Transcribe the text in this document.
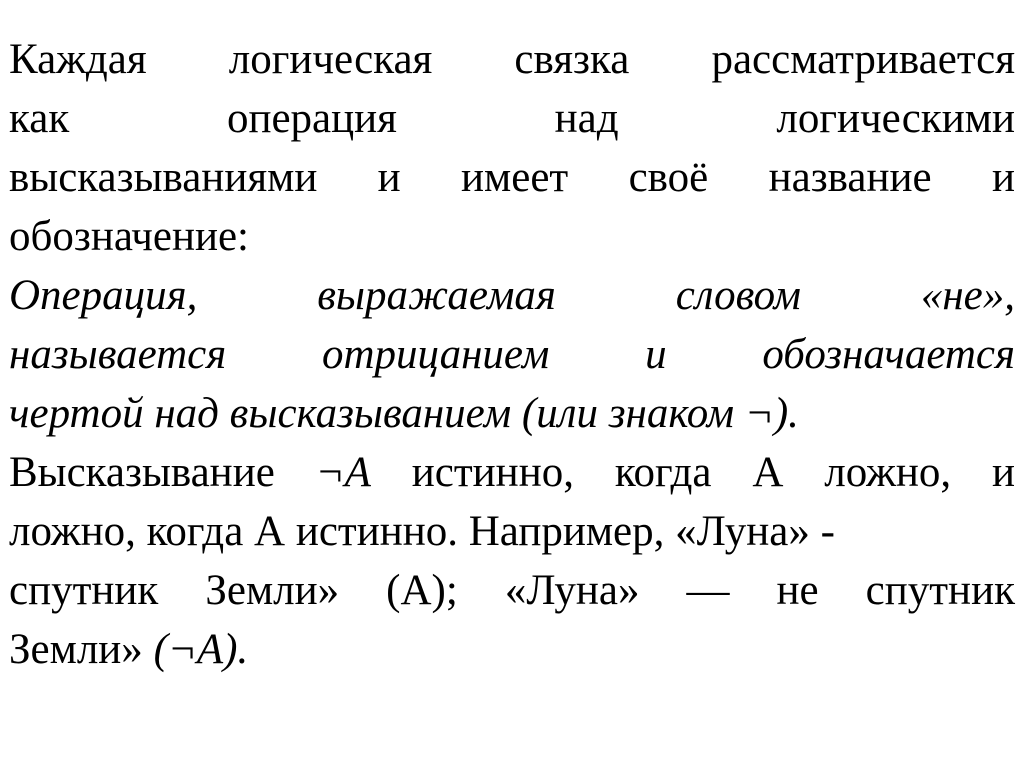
Каждая логическая связка рассматривается
как	операция	над	логическими
высказываниями и имеет своё название и
обозначение:
Операция,	выражаемая	словом	«не»,
называется отрицанием и обозначается
чертой над высказыванием (или знаком ¬).
Высказывание ¬A истинно, когда А ложно, и
ложно, когда А истинно. Например, «Луна» -
спутник Земли» (А); «Луна» — не спутник
Земли» (¬A).
